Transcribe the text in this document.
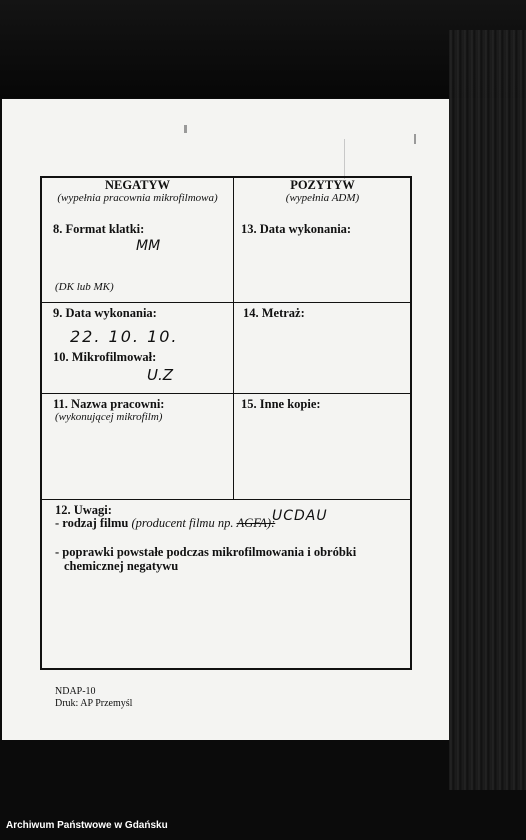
NEGATYW
(wypełnia pracownia mikrofilmowa)
POZYTYW
(wypełnia ADM)
8. Format klatki:
MM
(DK lub MK)
13. Data wykonania:
9. Data wykonania:
22. 10. 10.
14. Metraż:
10. Mikrofilmował:
U.Z
11. Nazwa pracowni:
(wykonującej mikrofilm)
15. Inne kopie:
12. Uwagi:
- rodzaj filmu (producent filmu np. AGFA):
UCDAU
- poprawki powstałe podczas mikrofilmowania i obróbki
chemicznej negatywu
NDAP-10
Druk: AP Przemyśl
Archiwum Państwowe w Gdańsku
